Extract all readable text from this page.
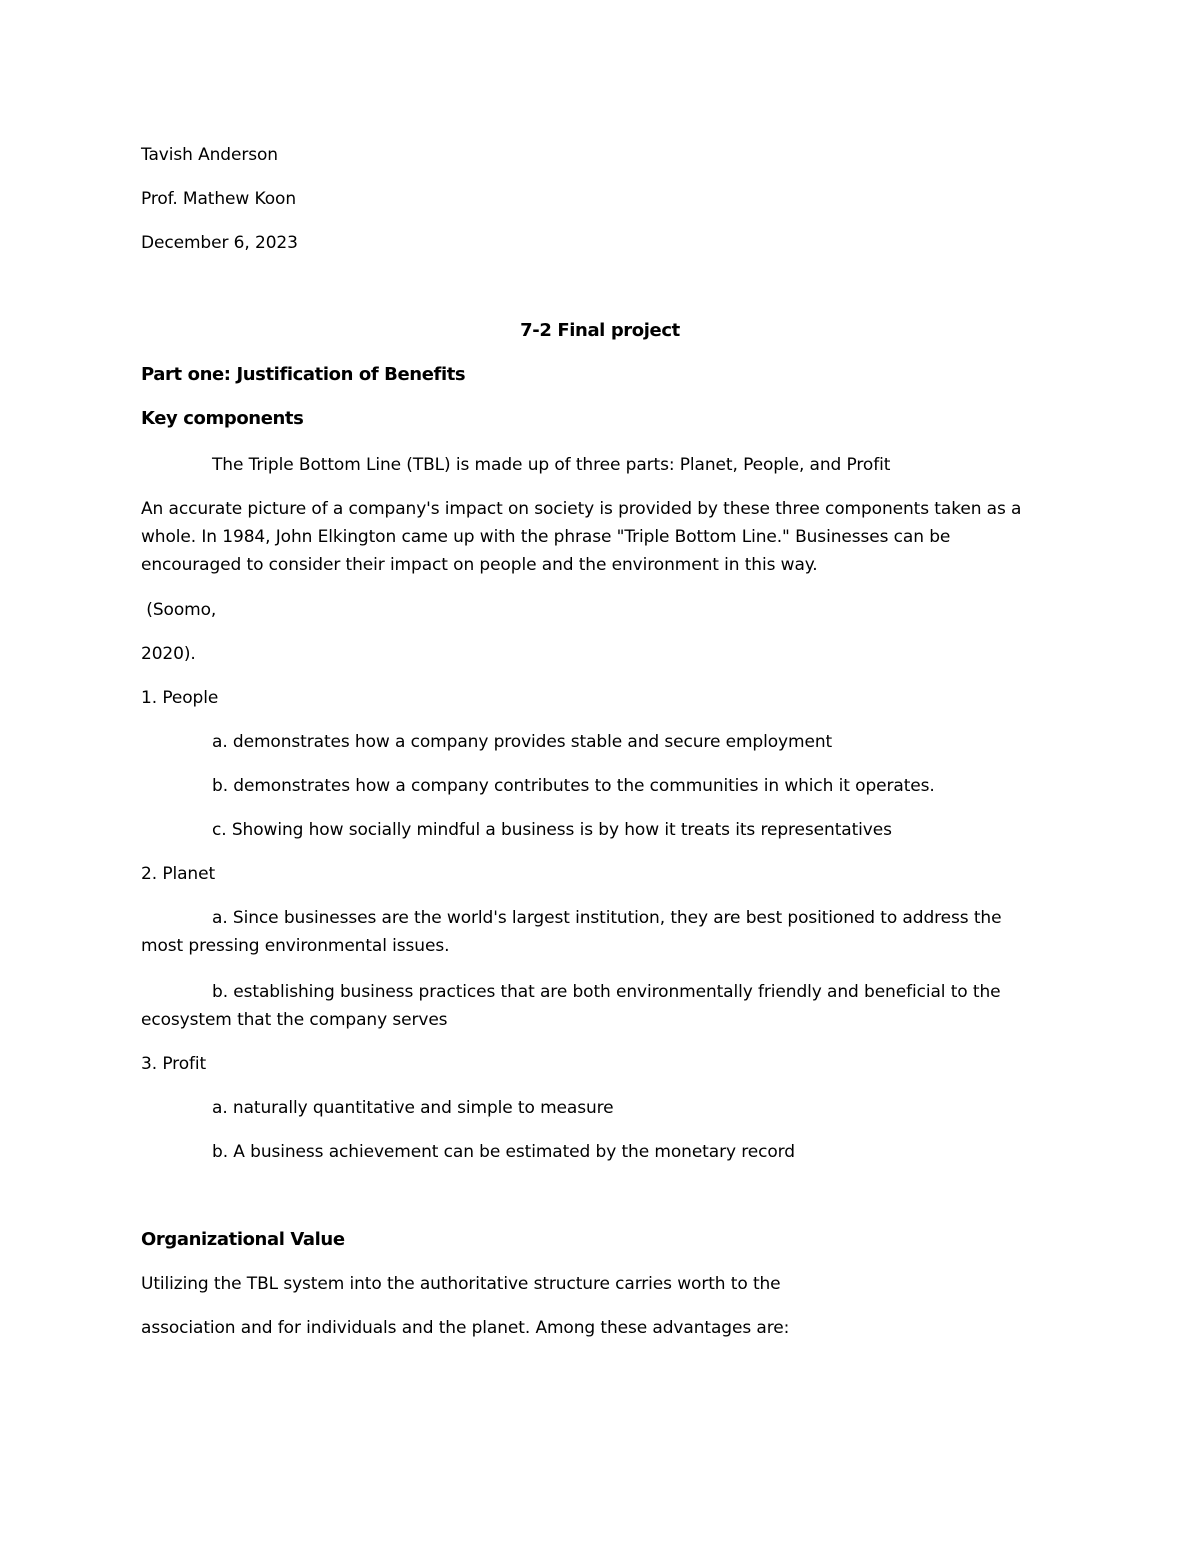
Tavish Anderson
Prof. Mathew Koon
December 6, 2023
7-2 Final project
Part one: Justification of Benefits
Key components
The Triple Bottom Line (TBL) is made up of three parts: Planet, People, and Profit
An accurate picture of a company's impact on society is provided by these three components taken as a
whole. In 1984, John Elkington came up with the phrase "Triple Bottom Line." Businesses can be
encouraged to consider their impact on people and the environment in this way.
(Soomo,
2020).
1. People
a. demonstrates how a company provides stable and secure employment
b. demonstrates how a company contributes to the communities in which it operates.
c. Showing how socially mindful a business is by how it treats its representatives
2. Planet
a. Since businesses are the world's largest institution, they are best positioned to address the
most pressing environmental issues.
b. establishing business practices that are both environmentally friendly and beneficial to the
ecosystem that the company serves
3. Profit
a. naturally quantitative and simple to measure
b. A business achievement can be estimated by the monetary record
Organizational Value
Utilizing the TBL system into the authoritative structure carries worth to the
association and for individuals and the planet. Among these advantages are:
